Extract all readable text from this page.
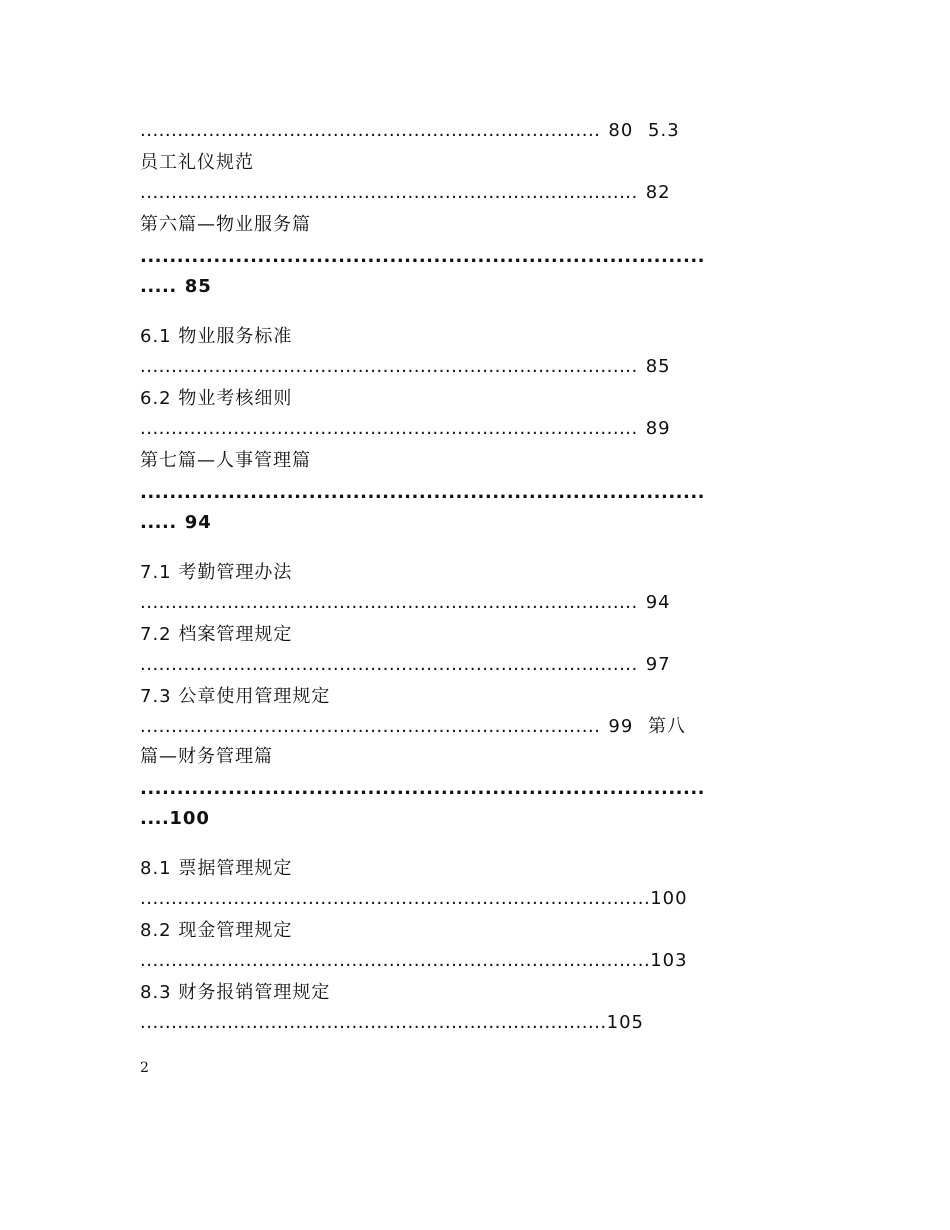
.......................................................................... 80 5.3
员工礼仪规范
................................................................................ 82
第六篇—物业服务篇
.............................................................................
..... 85
6.1 物业服务标准
................................................................................ 85
6.2 物业考核细则
................................................................................ 89
第七篇—人事管理篇
.............................................................................
..... 94
7.1 考勤管理办法
................................................................................ 94
7.2 档案管理规定
................................................................................ 97
7.3 公章使用管理规定
.......................................................................... 99 第八
篇—财务管理篇
.............................................................................
....100
8.1 票据管理规定
..................................................................................100
8.2 现金管理规定
..................................................................................103
8.3 财务报销管理规定
...........................................................................105
2
